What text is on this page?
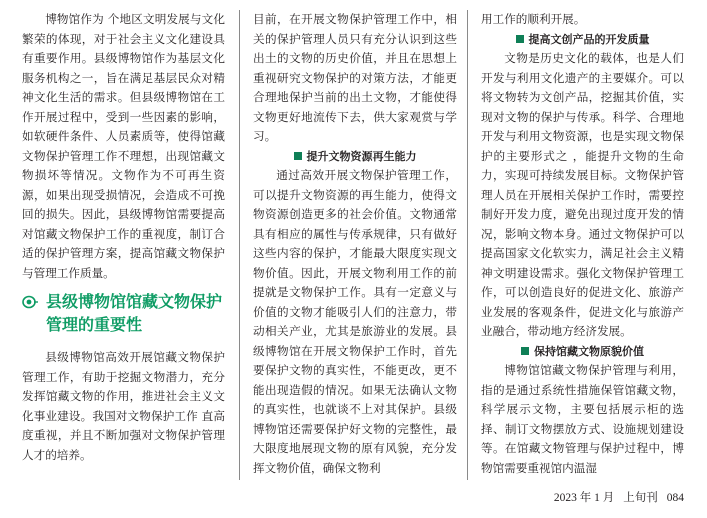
博物馆作为 个地区文明发展与文化繁荣的体现，对于社会主义文化建设具有重要作用。县级博物馆作为基层文化服务机构之一，旨在满足基层民众对精神文化生活的需求。但县级博物馆在工作开展过程中，受到一些因素的影响，如软硬件条件、人员素质等，使得馆藏文物保护管理工作不理想，出现馆藏文物损坏等情况。文物作为不可再生资源，如果出现受损情况，会造成不可挽回的损失。因此，县级博物馆需要提高对馆藏文物保护工作的重视度，制订合适的保护管理方案，提高馆藏文物保护与管理工作质量。

县级博物馆馆藏文物保护管理的重要性

县级博物馆高效开展馆藏文物保护管理工作，有助于挖掘文物潜力，充分发挥馆藏文物的作用，推进社会主义文化事业建设。我国对文物保护工作 直高度重视，并且不断加强对文物保护管理人才的培养。

目前，在开展文物保护管理工作中，相关的保护管理人员只有充分认识到这些出土的文物的历史价值，并且在思想上重视研究文物保护的对策方法，才能更合理地保护当前的出土文物，才能使得文物更好地流传下去，供大家观赏与学习。

提升文物资源再生能力

通过高效开展文物保护管理工作，可以提升文物资源的再生能力，使得文物资源创造更多的社会价值。文物通常具有相应的属性与传承规律，只有做好这些内容的保护，才能最大限度实现文物价值。因此，开展文物利用工作的前提就是文物保护工作。具有一定意义与价值的文物才能吸引人们的注意力，带动相关产业，尤其是旅游业的发展。县级博物馆在开展文物保护工作时，首先要保护文物的真实性，不能更改，更不能出现造假的情况。如果无法确认文物的真实性，也就谈不上对其保护。县级博物馆还需要保护好文物的完整性，最大限度地展现文物的原有风貌，充分发挥文物价值，确保文物利

用工作的顺利开展。

提高文创产品的开发质量

文物是历史文化的载体，也是人们开发与利用文化遗产的主要媒介。可以将文物转为文创产品，挖掘其价值，实现对文物的保护与传承。科学、合理地开发与利用文物资源，也是实现文物保护的主要形式之 ，能提升文物的生命力，实现可持续发展目标。文物保护管理人员在开展相关保护工作时，需要控制好开发力度，避免出现过度开发的情况，影响文物本身。通过文物保护可以提高国家文化软实力，满足社会主义精神文明建设需求。强化文物保护管理工作，可以创造良好的促进文化、旅游产业发展的客观条件，促进文化与旅游产业融合，带动地方经济发展。

保持馆藏文物原貌价值

博物馆馆藏文物保护管理与利用，指的是通过系统性措施保管馆藏文物，科学展示文物，主要包括展示柜的选择、制订文物摆放方式、设施规划建设等。在馆藏文物管理与保护过程中，博物馆需要重视馆内温湿

2023 年 1 月 上旬刊 084
